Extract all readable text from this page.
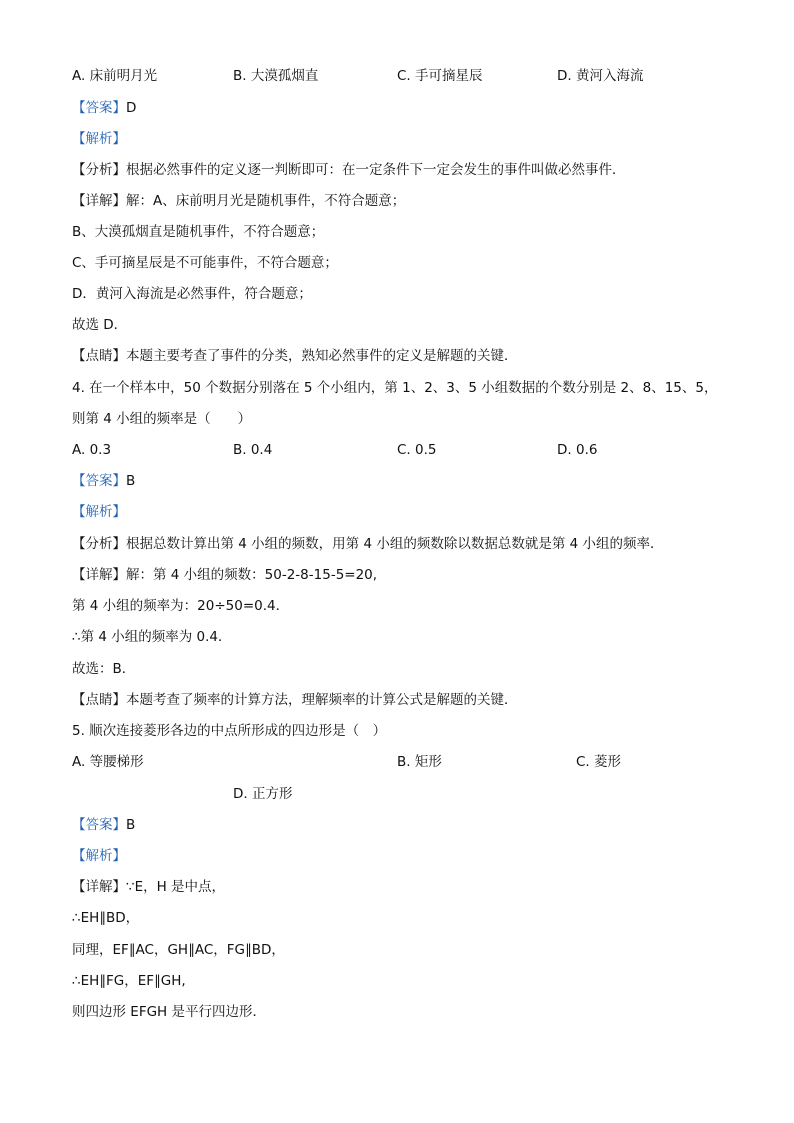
A. 床前明月光	B. 大漠孤烟直	C. 手可摘星辰	D. 黄河入海流
【答案】D
【解析】
【分析】根据必然事件的定义逐一判断即可：在一定条件下一定会发生的事件叫做必然事件．
【详解】解：A、床前明月光是随机事件，不符合题意；
B、大漠孤烟直是随机事件，不符合题意；
C、手可摘星辰是不可能事件，不符合题意；
D．黄河入海流是必然事件，符合题意；
故选 D．
【点睛】本题主要考查了事件的分类，熟知必然事件的定义是解题的关键．
4. 在一个样本中，50 个数据分别落在 5 个小组内，第 1、2、3、5 小组数据的个数分别是 2、8、15、5，
则第 4 小组的频率是（　　）
A. 0.3	B. 0.4	C. 0.5	D. 0.6
【答案】B
【解析】
【分析】根据总数计算出第 4 小组的频数，用第 4 小组的频数除以数据总数就是第 4 小组的频率．
【详解】解：第 4 小组的频数：50-2-8-15-5=20,
第 4 小组的频率为：20÷50=0.4．
∴第 4 小组的频率为 0.4．
故选：B．
【点睛】本题考查了频率的计算方法，理解频率的计算公式是解题的关键．
5. 顺次连接菱形各边的中点所形成的四边形是（　）
A. 等腰梯形	B. 矩形	C. 菱形
D. 正方形
【答案】B
【解析】
【详解】∵E，H 是中点，
∴EH∥BD，
同理，EF∥AC，GH∥AC，FG∥BD，
∴EH∥FG，EF∥GH,
则四边形 EFGH 是平行四边形．
